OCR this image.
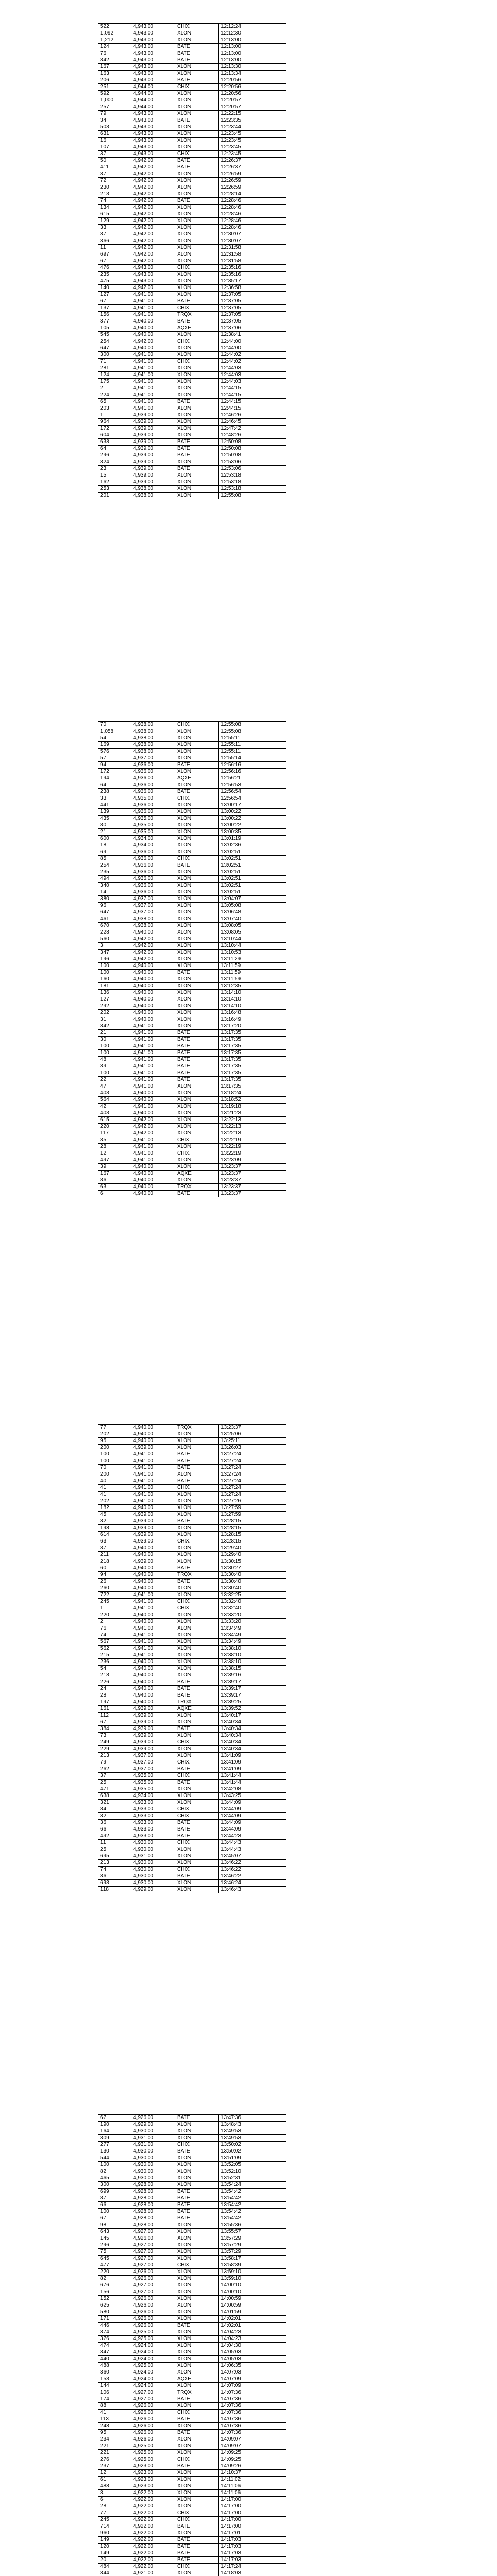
522	4,943.00	CHIX	12:12:24
1,092	4,943.00	XLON	12:12:30
1,212	4,943.00	XLON	12:13:00
124	4,943.00	BATE	12:13:00
76	4,943.00	BATE	12:13:00
342	4,943.00	BATE	12:13:00
167	4,943.00	XLON	12:13:30
163	4,943.00	XLON	12:13:34
206	4,943.00	BATE	12:20:56
251	4,944.00	CHIX	12:20:56
592	4,944.00	XLON	12:20:56
1,000	4,944.00	XLON	12:20:57
257	4,944.00	XLON	12:20:57
79	4,943.00	XLON	12:22:15
34	4,943.00	BATE	12:23:35
503	4,943.00	XLON	12:23:44
631	4,943.00	XLON	12:23:45
16	4,943.00	XLON	12:23:45
107	4,943.00	XLON	12:23:45
37	4,943.00	CHIX	12:23:45
50	4,942.00	BATE	12:26:37
411	4,942.00	BATE	12:26:37
37	4,942.00	XLON	12:26:59
72	4,942.00	XLON	12:26:59
230	4,942.00	XLON	12:26:59
213	4,942.00	XLON	12:28:14
74	4,942.00	BATE	12:28:46
134	4,942.00	XLON	12:28:46
615	4,942.00	XLON	12:28:46
129	4,942.00	XLON	12:28:46
33	4,942.00	XLON	12:28:46
37	4,942.00	XLON	12:30:07
366	4,942.00	XLON	12:30:07
11	4,942.00	XLON	12:31:58
697	4,942.00	XLON	12:31:58
67	4,942.00	XLON	12:31:58
476	4,943.00	CHIX	12:35:16
235	4,943.00	XLON	12:35:16
475	4,943.00	XLON	12:35:17
140	4,942.00	XLON	12:36:58
127	4,941.00	XLON	12:37:05
67	4,941.00	BATE	12:37:05
137	4,941.00	CHIX	12:37:05
156	4,941.00	TRQX	12:37:05
377	4,940.00	BATE	12:37:05
105	4,940.00	AQXE	12:37:06
545	4,940.00	XLON	12:38:41
254	4,942.00	CHIX	12:44:00
647	4,940.00	XLON	12:44:00
300	4,941.00	XLON	12:44:02
71	4,941.00	CHIX	12:44:02
281	4,941.00	XLON	12:44:03
124	4,941.00	XLON	12:44:03
175	4,941.00	XLON	12:44:03
2	4,941.00	XLON	12:44:15
224	4,941.00	XLON	12:44:15
65	4,941.00	BATE	12:44:15
203	4,941.00	XLON	12:44:15
1	4,939.00	XLON	12:46:26
964	4,939.00	XLON	12:46:45
172	4,939.00	XLON	12:47:42
604	4,939.00	XLON	12:48:26
638	4,939.00	BATE	12:50:08
64	4,939.00	BATE	12:50:08
296	4,939.00	BATE	12:50:08
324	4,939.00	XLON	12:53:06
23	4,939.00	BATE	12:53:06
15	4,939.00	XLON	12:53:18
162	4,939.00	XLON	12:53:18
253	4,938.00	XLON	12:53:18
201	4,938.00	XLON	12:55:08
70	4,938.00	CHIX	12:55:08
1,058	4,938.00	XLON	12:55:08
54	4,938.00	XLON	12:55:11
169	4,938.00	XLON	12:55:11
576	4,938.00	XLON	12:55:11
57	4,937.00	XLON	12:55:14
94	4,936.00	BATE	12:56:16
172	4,936.00	XLON	12:56:16
194	4,936.00	AQXE	12:56:21
64	4,936.00	XLON	12:56:53
238	4,936.00	BATE	12:56:54
33	4,935.00	CHIX	12:56:54
441	4,936.00	XLON	13:00:17
139	4,936.00	XLON	13:00:22
435	4,935.00	XLON	13:00:22
80	4,935.00	XLON	13:00:22
21	4,935.00	XLON	13:00:35
600	4,934.00	XLON	13:01:19
18	4,934.00	XLON	13:02:36
69	4,936.00	XLON	13:02:51
85	4,936.00	CHIX	13:02:51
254	4,936.00	BATE	13:02:51
235	4,936.00	XLON	13:02:51
494	4,936.00	XLON	13:02:51
340	4,936.00	XLON	13:02:51
14	4,936.00	XLON	13:02:51
380	4,937.00	XLON	13:04:07
96	4,937.00	XLON	13:05:08
647	4,937.00	XLON	13:06:48
461	4,938.00	XLON	13:07:40
670	4,938.00	XLON	13:08:05
228	4,940.00	XLON	13:08:05
560	4,942.00	XLON	13:10:44
3	4,942.00	XLON	13:10:44
347	4,942.00	XLON	13:10:53
196	4,942.00	XLON	13:11:29
100	4,940.00	XLON	13:11:59
100	4,940.00	BATE	13:11:59
160	4,940.00	XLON	13:11:59
181	4,940.00	XLON	13:12:35
136	4,940.00	XLON	13:14:10
127	4,940.00	XLON	13:14:10
292	4,940.00	XLON	13:14:10
202	4,940.00	XLON	13:16:48
31	4,940.00	XLON	13:16:49
342	4,941.00	XLON	13:17:20
21	4,941.00	BATE	13:17:35
30	4,941.00	BATE	13:17:35
100	4,941.00	BATE	13:17:35
100	4,941.00	BATE	13:17:35
48	4,941.00	BATE	13:17:35
39	4,941.00	BATE	13:17:35
100	4,941.00	BATE	13:17:35
22	4,941.00	BATE	13:17:35
47	4,941.00	XLON	13:17:35
403	4,940.00	XLON	13:18:24
564	4,940.00	XLON	13:18:52
42	4,941.00	XLON	13:19:18
403	4,940.00	XLON	13:21:23
615	4,942.00	XLON	13:22:13
220	4,942.00	XLON	13:22:13
117	4,942.00	XLON	13:22:13
35	4,941.00	CHIX	13:22:19
28	4,941.00	XLON	13:22:19
12	4,941.00	CHIX	13:22:19
497	4,941.00	XLON	13:23:09
39	4,940.00	XLON	13:23:37
167	4,940.00	AQXE	13:23:37
86	4,940.00	XLON	13:23:37
63	4,940.00	TRQX	13:23:37
6	4,940.00	BATE	13:23:37
77	4,940.00	TRQX	13:23:37
202	4,940.00	XLON	13:25:06
95	4,940.00	XLON	13:25:11
200	4,939.00	XLON	13:26:03
100	4,941.00	BATE	13:27:24
100	4,941.00	BATE	13:27:24
70	4,941.00	BATE	13:27:24
200	4,941.00	XLON	13:27:24
40	4,941.00	BATE	13:27:24
41	4,941.00	CHIX	13:27:24
41	4,941.00	XLON	13:27:24
202	4,941.00	XLON	13:27:26
182	4,940.00	XLON	13:27:59
45	4,939.00	XLON	13:27:59
32	4,939.00	BATE	13:28:15
198	4,939.00	XLON	13:28:15
614	4,939.00	XLON	13:28:15
63	4,939.00	CHIX	13:28:15
37	4,940.00	XLON	13:29:40
211	4,940.00	XLON	13:29:40
218	4,939.00	XLON	13:30:15
60	4,940.00	BATE	13:30:27
94	4,940.00	TRQX	13:30:40
26	4,940.00	BATE	13:30:40
260	4,940.00	XLON	13:30:40
722	4,941.00	XLON	13:32:25
245	4,941.00	CHIX	13:32:40
1	4,941.00	CHIX	13:32:40
220	4,940.00	XLON	13:33:20
2	4,940.00	XLON	13:33:20
76	4,941.00	XLON	13:34:49
74	4,941.00	XLON	13:34:49
567	4,941.00	XLON	13:34:49
562	4,941.00	XLON	13:38:10
215	4,941.00	XLON	13:38:10
236	4,940.00	XLON	13:38:10
54	4,940.00	XLON	13:38:15
218	4,940.00	XLON	13:39:16
226	4,940.00	BATE	13:39:17
24	4,940.00	BATE	13:39:17
28	4,940.00	BATE	13:39:17
197	4,940.00	TRQX	13:39:25
161	4,939.00	AQXE	13:39:52
112	4,939.00	XLON	13:40:17
67	4,939.00	XLON	13:40:34
384	4,939.00	BATE	13:40:34
73	4,939.00	XLON	13:40:34
249	4,939.00	CHIX	13:40:34
229	4,939.00	XLON	13:40:34
213	4,937.00	XLON	13:41:09
79	4,937.00	CHIX	13:41:09
262	4,937.00	BATE	13:41:09
37	4,935.00	CHIX	13:41:44
25	4,935.00	BATE	13:41:44
471	4,935.00	XLON	13:42:08
638	4,934.00	XLON	13:43:25
321	4,933.00	XLON	13:44:09
84	4,933.00	CHIX	13:44:09
32	4,933.00	CHIX	13:44:09
36	4,933.00	BATE	13:44:09
66	4,933.00	BATE	13:44:09
492	4,933.00	BATE	13:44:23
11	4,930.00	CHIX	13:44:43
25	4,930.00	XLON	13:44:43
695	4,931.00	XLON	13:45:07
213	4,930.00	XLON	13:46:22
74	4,930.00	CHIX	13:46:22
36	4,930.00	BATE	13:46:22
693	4,930.00	XLON	13:46:24
118	4,929.00	XLON	13:46:43
67	4,926.00	BATE	13:47:36
190	4,929.00	XLON	13:48:43
164	4,930.00	XLON	13:49:53
309	4,931.00	XLON	13:49:53
277	4,931.00	CHIX	13:50:02
130	4,930.00	BATE	13:50:02
544	4,930.00	XLON	13:51:09
100	4,930.00	XLON	13:52:05
82	4,930.00	XLON	13:52:10
465	4,930.00	XLON	13:52:31
300	4,928.00	XLON	13:54:24
699	4,928.00	BATE	13:54:42
87	4,928.00	BATE	13:54:42
66	4,928.00	BATE	13:54:42
100	4,928.00	BATE	13:54:42
67	4,928.00	BATE	13:54:42
98	4,928.00	XLON	13:55:36
643	4,927.00	XLON	13:55:57
145	4,926.00	XLON	13:57:29
296	4,927.00	XLON	13:57:29
75	4,927.00	XLON	13:57:29
645	4,927.00	XLON	13:58:17
477	4,927.00	CHIX	13:58:39
220	4,926.00	XLON	13:59:10
82	4,926.00	XLON	13:59:10
676	4,927.00	XLON	14:00:10
156	4,927.00	XLON	14:00:10
152	4,926.00	XLON	14:00:59
625	4,926.00	XLON	14:00:59
580	4,926.00	XLON	14:01:59
171	4,926.00	XLON	14:02:01
446	4,926.00	BATE	14:02:01
374	4,925.00	XLON	14:04:23
376	4,925.00	XLON	14:04:23
474	4,924.00	XLON	14:04:30
347	4,924.00	XLON	14:05:03
440	4,924.00	XLON	14:05:03
488	4,925.00	XLON	14:06:35
360	4,924.00	XLON	14:07:03
153	4,924.00	AQXE	14:07:09
144	4,924.00	XLON	14:07:09
106	4,927.00	TRQX	14:07:36
174	4,927.00	BATE	14:07:36
88	4,926.00	XLON	14:07:36
41	4,926.00	CHIX	14:07:36
113	4,926.00	BATE	14:07:36
248	4,926.00	XLON	14:07:36
95	4,926.00	BATE	14:07:36
234	4,926.00	XLON	14:09:07
221	4,925.00	XLON	14:09:07
221	4,925.00	XLON	14:09:25
276	4,925.00	CHIX	14:09:25
237	4,923.00	BATE	14:09:26
12	4,923.00	XLON	14:10:37
61	4,923.00	XLON	14:11:02
488	4,923.00	XLON	14:11:06
3	4,922.00	XLON	14:11:06
6	4,922.00	XLON	14:17:00
28	4,922.00	XLON	14:17:00
77	4,922.00	CHIX	14:17:00
245	4,922.00	CHIX	14:17:00
714	4,922.00	BATE	14:17:00
960	4,922.00	XLON	14:17:01
149	4,922.00	BATE	14:17:03
120	4,922.00	BATE	14:17:03
149	4,922.00	BATE	14:17:03
20	4,922.00	BATE	14:17:03
484	4,922.00	CHIX	14:17:24
344	4,921.00	XLON	14:18:03
